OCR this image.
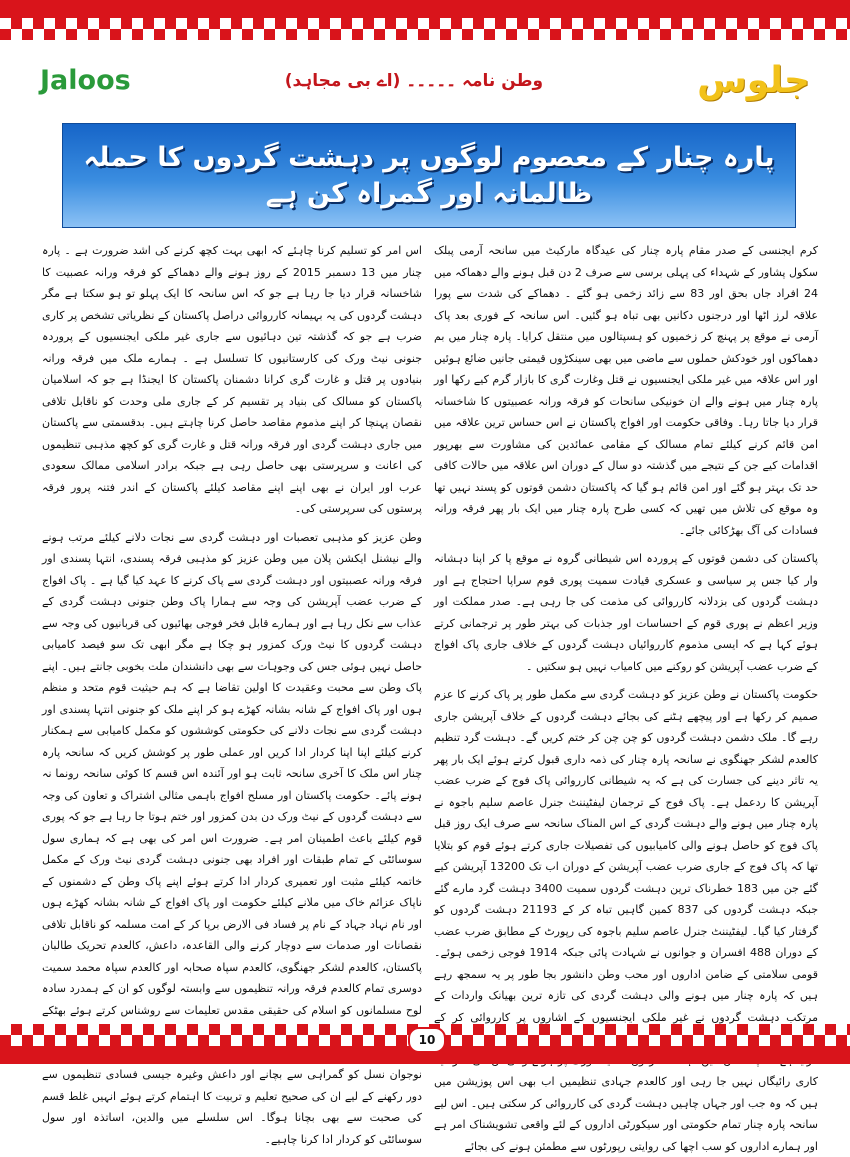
Jaloos	وطن نامہ ۔۔۔۔۔ (اے بی مجاہد)	جلوس
پارہ چنار کے معصوم لوگوں پر دہشت گردوں کا حملہ ظالمانہ اور گمراہ کن ہے

کرم ایجنسی کے صدر مقام پارہ چنار کی عیدگاہ مارکیٹ میں سانحہ آرمی پبلک سکول پشاور کے شہداء کی پہلی برسی سے صرف 2 دن قبل ہونے والے دھماکہ میں 24 افراد جاں بحق اور 83 سے زائد زخمی ہو گئے ۔ دھماکے کی شدت سے پورا علاقہ لرز اٹھا اور درجنوں دکانیں بھی تباہ ہو گئیں۔ اس سانحہ کے فوری بعد پاک آرمی نے موقع پر پہنچ کر زخمیوں کو ہسپتالوں میں منتقل کرایا۔ پارہ چنار میں بم دھماکوں اور خودکش حملوں سے ماضی میں بھی سینکڑوں قیمتی جانیں ضائع ہوئیں اور اس علاقہ میں غیر ملکی ایجنسیوں نے قتل وغارت گری کا بازار گرم کیے رکھا اور پارہ چنار میں ہونے والے ان خونیکی سانحات کو فرقہ ورانہ عصبیتوں کا شاخسانہ قرار دیا جاتا رہا۔ وفاقی حکومت اور افواج پاکستان نے اس حساس ترین علاقہ میں امن قائم کرنے کیلئے تمام مسالک کے مقامی عمائدین کی مشاورت سے بھرپور اقدامات کیے جن کے نتیجے میں گذشتہ دو سال کے دوران اس علاقہ میں حالات کافی حد تک بہتر ہو گئے اور امن قائم ہو گیا کہ پاکستان دشمن قوتوں کو پسند نہیں تھا وہ موقع کی تلاش میں تھیں کہ کسی طرح پارہ چنار میں ایک بار پھر فرقہ ورانہ فسادات کی آگ بھڑکائی جائے۔

پاکستان کی دشمن قوتوں کے پروردہ اس شیطانی گروہ نے موقع پا کر اپنا دہشانہ وار کیا جس پر سیاسی و عسکری قیادت سمیت پوری قوم سراپا احتجاج ہے اور دہشت گردوں کی بزدلانہ کارروائی کی مذمت کی جا رہی ہے۔ صدر مملکت اور وزیر اعظم نے پوری قوم کے احساسات اور جذبات کی بہتر طور پر ترجمانی کرتے ہوئے کہا ہے کہ ایسی مذموم کارروائیاں دہشت گردوں کے خلاف جاری پاک افواج کے ضرب عضب آپریشن کو روکنے میں کامیاب نہیں ہو سکتیں ۔

حکومت پاکستان نے وطن عزیز کو دہشت گردی سے مکمل طور پر پاک کرنے کا عزم صمیم کر رکھا ہے اور پیچھے ہٹنے کی بجائے دہشت گردوں کے خلاف آپریشن جاری رہے گا۔ ملک دشمن دہشت گردوں کو چن چن کر ختم کریں گے۔ دہشت گرد تنظیم کالعدم لشکر جھنگوی نے سانحہ پارہ چنار کی ذمہ داری قبول کرتے ہوئے ایک بار پھر یہ تاثر دینے کی جسارت کی ہے کہ یہ شیطانی کارروائی پاک فوج کے ضرب عضب آپریشن کا ردعمل ہے۔ پاک فوج کے ترجمان لیفٹیننٹ جنرل عاصم سلیم باجوہ نے پارہ چنار میں ہونے والے دہشت گردی کے اس المناک سانحہ سے صرف ایک روز قبل پاک فوج کو حاصل ہونے والی کامیابیوں کی تفصیلات جاری کرتے ہوئے قوم کو بتلایا تھا کہ پاک فوج کے جاری ضرب عضب آپریشن کے دوران اب تک 13200 آپریشن کیے گئے جن میں 183 خطرناک ترین دہشت گردوں سمیت 3400 دہشت گرد مارے گئے جبکہ دہشت گردوں کی 837 کمین گاہیں تباہ کر کے 21193 دہشت گردوں کو گرفتار کیا گیا۔ لیفٹیننٹ جنرل عاصم سلیم باجوہ کی رپورٹ کے مطابق ضرب عضب کے دوران 488 افسران و جوانوں نے شہادت پائی جبکہ 1914 فوجی زخمی ہوئے۔ قومی سلامتی کے ضامن اداروں اور محب وطن دانشور بجا طور پر یہ سمجھ رہے ہیں کہ پارہ چنار میں ہونے والی دہشت گردی کی تازہ ترین بھیانک واردات کے مرتکب دہشت گردوں نے غیر ملکی ایجنسیوں کے اشاروں پر کارروائی کر کے کاری رائیگاں نہیں جا رہی اور کالعدم جہادی تنظیمیں اب بھی اس پوزیشن میں ہیں کہ وہ جب اور جہاں چاہیں دہشت گردی کی کارروائی کر سکتی ہیں۔ اس لیے سانحہ پارہ چنار تمام حکومتی اور سیکورٹی اداروں کے لئے واقعی تشویشناک امر ہے اور ہمارے اداروں کو سب اچھا کی روایتی رپورٹوں سے مطمئن ہونے کی بجائے

اس امر کو تسلیم کرنا چاہئے کہ ابھی بہت کچھ کرنے کی اشد ضرورت ہے ۔ پارہ چنار میں 13 دسمبر 2015 کے روز ہونے والے دھماکے کو فرقہ ورانہ عصبیت کا شاخسانہ قرار دیا جا رہا ہے جو کہ اس سانحہ کا ایک پہلو تو ہو سکتا ہے مگر دہشت گردوں کی یہ بہیمانہ کارروائی دراصل پاکستان کے نظریاتی تشخص پر کاری ضرب ہے جو کہ گذشتہ تین دہائیوں سے جاری غیر ملکی ایجنسیوں کے پروردہ جنونی نیٹ ورک کی کارستانیوں کا تسلسل ہے ۔ ہمارے ملک میں فرقہ ورانہ بنیادوں پر قتل و غارت گری کرانا دشمنان پاکستان کا ایجنڈا ہے جو کہ اسلامیان پاکستان کو مسالک کی بنیاد پر تقسیم کر کے جاری ملی وحدت کو ناقابل تلافی نقصان پہنچا کر اپنے مذموم مقاصد حاصل کرنا چاہتے ہیں۔ بدقسمتی سے پاکستان میں جاری دہشت گردی اور فرقہ ورانہ قتل و غارت گری کو کچھ مذہبی تنظیموں کی اعانت و سرپرستی بھی حاصل رہی ہے جبکہ برادر اسلامی ممالک سعودی عرب اور ایران نے بھی اپنے اپنے مقاصد کیلئے پاکستان کے اندر فتنہ پرور فرقہ پرستوں کی سرپرستی کی۔

وطن عزیز کو مذہبی تعصبات اور دہشت گردی سے نجات دلانے کیلئے مرتب ہونے والے نیشنل ایکشن پلان میں وطن عزیز کو مذہبی فرقہ پسندی، انتہا پسندی اور فرقہ ورانہ عصبیتوں اور دہشت گردی سے پاک کرنے کا عہد کیا گیا ہے ۔ پاک افواج کے ضرب عضب آپریشن کی وجہ سے ہمارا پاک وطن جنونی دہشت گردی کے عذاب سے نکل رہا ہے اور ہمارے قابل فخر فوجی بھائیوں کی قربانیوں کی وجہ سے دہشت گردوں کا نیٹ ورک کمزور ہو چکا ہے مگر ابھی تک سو فیصد کامیابی حاصل نہیں ہوئی جس کی وجوہات سے بھی دانشندان ملت بخوبی جانتے ہیں۔ اپنے پاک وطن سے محبت وعقیدت کا اولین تقاضا ہے کہ ہم حیثیت قوم متحد و منظم ہوں اور پاک افواج کے شانہ بشانہ کھڑے ہو کر اپنے ملک کو جنونی انتہا پسندی اور دہشت گردی سے نجات دلانے کی حکومتی کوششوں کو مکمل کامیابی سے ہمکنار کرنے کیلئے اپنا اپنا کردار ادا کریں اور عملی طور پر کوشش کریں کہ سانحہ پارہ چنار اس ملک کا آخری سانحہ ثابت ہو اور آئندہ اس قسم کا کوئی سانحہ رونما نہ ہونے پائے۔ حکومت پاکستان اور مسلح افواج باہمی مثالی اشتراک و تعاون کی وجہ سے دہشت گردوں کے نیٹ ورک دن بدن کمزور اور ختم ہوتا جا رہا ہے جو کہ پوری قوم کیلئے باعث اطمینان امر ہے۔ ضرورت اس امر کی بھی ہے کہ ہماری سول سوسائٹی کے تمام طبقات اور افراد بھی جنونی دہشت گردی نیٹ ورک کے مکمل خاتمہ کیلئے مثبت اور تعمیری کردار ادا کرتے ہوئے اپنے پاک وطن کے دشمنوں کے ناپاک عزائم خاک میں ملانے کیلئے حکومت اور پاک افواج کے شانہ بشانہ کھڑے ہوں اور نام نہاد جہاد کے نام پر فساد فی الارض برپا کر کے امت مسلمہ کو ناقابل تلافی نقصانات اور صدمات سے دوچار کرنے والی القاعدہ، داعش، کالعدم تحریک طالبان پاکستان، کالعدم لشکر جھنگوی، کالعدم سپاہ صحابہ اور کالعدم سپاہ محمد سمیت دوسری تمام کالعدم فرقہ ورانہ تنظیموں سے وابستہ لوگوں کو ان کے ہمدرد سادہ لوح مسلمانوں کو اسلام کی حقیقی مقدس تعلیمات سے روشناس کرتے ہوئے بھٹکے نوجوان نسل کو گمراہی سے بچانے اور داعش وغیرہ جیسی فسادی تنظیموں سے دور رکھنے کے لیے ان کی صحیح تعلیم و تربیت کا اہتمام کرتے ہوئے انہیں غلط قسم کی صحبت سے بھی بچانا ہوگا۔ اس سلسلے میں والدین، اساتذہ اور سول سوسائٹی کو کردار ادا کرنا چاہیے۔

10
